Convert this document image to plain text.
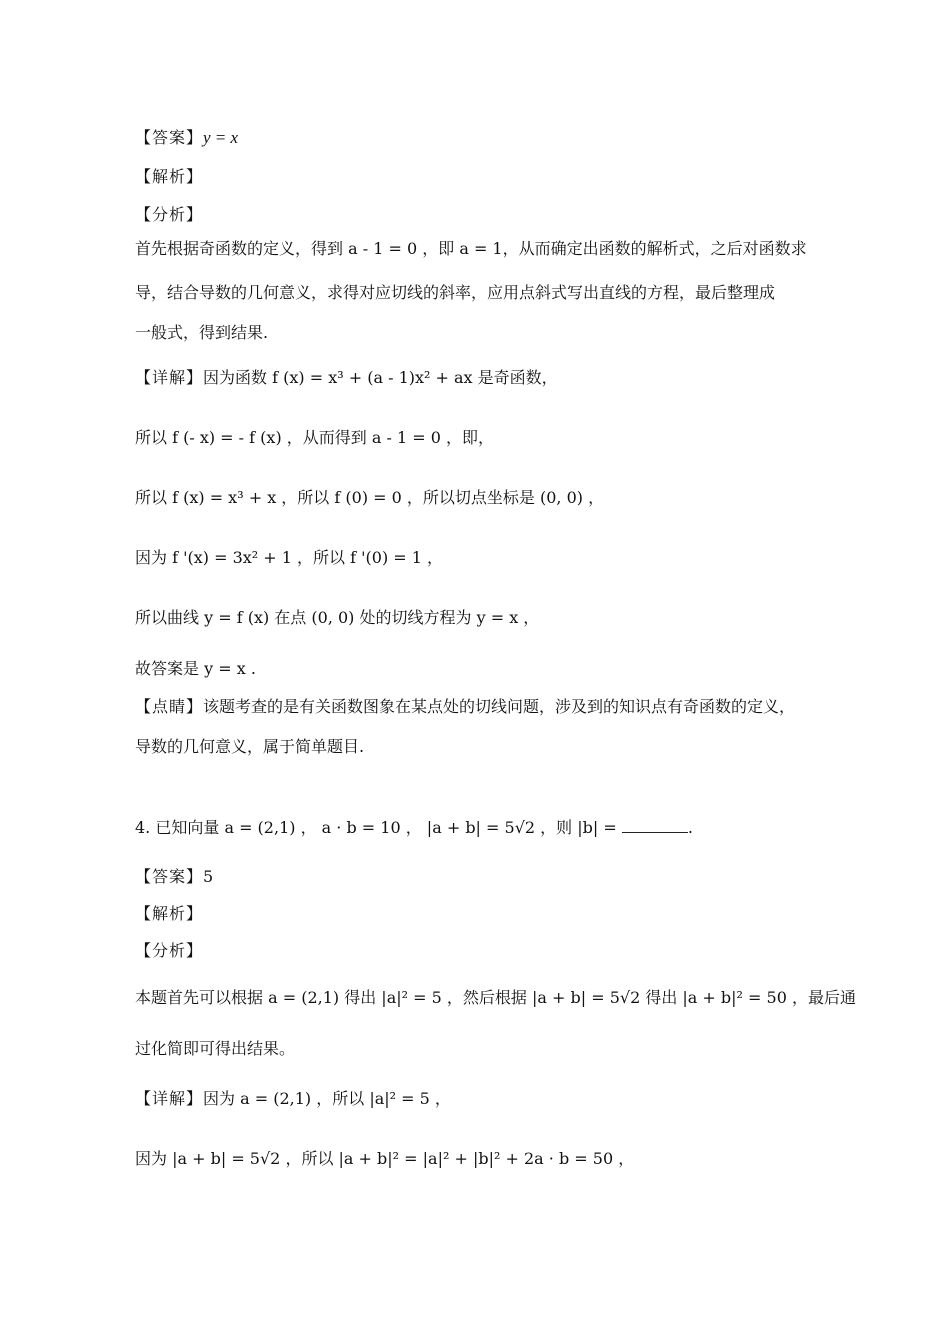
【答案】y = x
【解析】
【分析】
首先根据奇函数的定义，得到 a - 1 = 0 ，即 a = 1，从而确定出函数的解析式，之后对函数求
导，结合导数的几何意义，求得对应切线的斜率，应用点斜式写出直线的方程，最后整理成
一般式，得到结果.
【详解】因为函数 f (x) = x³ + (a - 1)x² + ax 是奇函数，
所以 f (- x) = - f (x) ，从而得到 a - 1 = 0 ，即，
所以 f (x) = x³ + x ，所以 f (0) = 0 ，所以切点坐标是 (0, 0) ，
因为 f '(x) = 3x² + 1 ，所以 f '(0) = 1 ，
所以曲线 y = f (x) 在点 (0, 0) 处的切线方程为 y = x ，
故答案是 y = x .
【点睛】该题考查的是有关函数图象在某点处的切线问题，涉及到的知识点有奇函数的定义，
导数的几何意义，属于简单题目.
4. 已知向量 a = (2,1) ， a · b = 10 ， |a + b| = 5√2 ，则 |b| =	.
【答案】5
【解析】
【分析】
本题首先可以根据 a = (2,1) 得出 |a|² = 5 ，然后根据 |a + b| = 5√2 得出 |a + b|² = 50 ，最后通
过化简即可得出结果。
【详解】因为 a = (2,1) ，所以 |a|² = 5 ，
因为 |a + b| = 5√2 ，所以 |a + b|² = |a|² + |b|² + 2a · b = 50 ，
